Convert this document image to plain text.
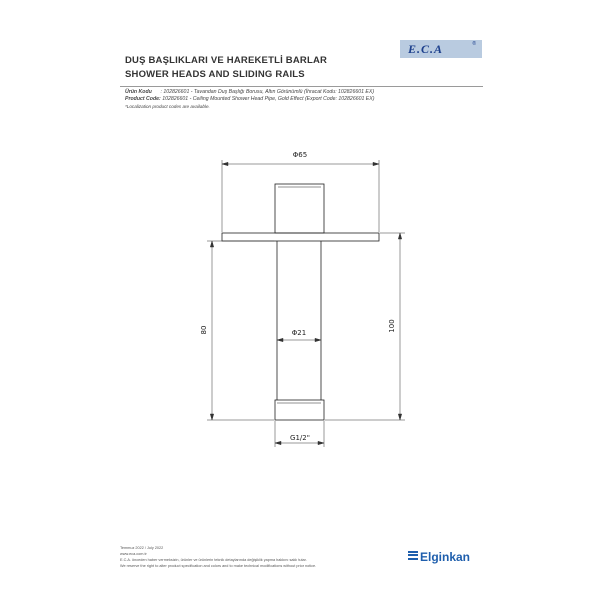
DUŞ BAŞLIKLARI VE HAREKETLİ BARLAR
SHOWER HEADS AND SLIDING RAILS
E.C.A	®
Ürün Kodu : 102826601 - Tavandan Duş Başlığı Borusu, Altın Görünümlü (İhracat Kodu: 102826601 EX)
Product Code: 102826601 - Ceiling Mounted Shower Head Pipe, Gold Effect (Export Code: 102826601 EX)
*Localization product codes are available.
Φ65
Φ21
G1/2"
80	100
Temmuz 2022 / July 2022
www.eca.com.tr
E.C.A. önceden haber vermeksizin, ürünler ve ürünlerin teknik detaylarında değişiklik yapma hakkını saklı tutar.
We reserve the right to alter product specification and colors and to make technical modifications without prior notice.
Elginkan
